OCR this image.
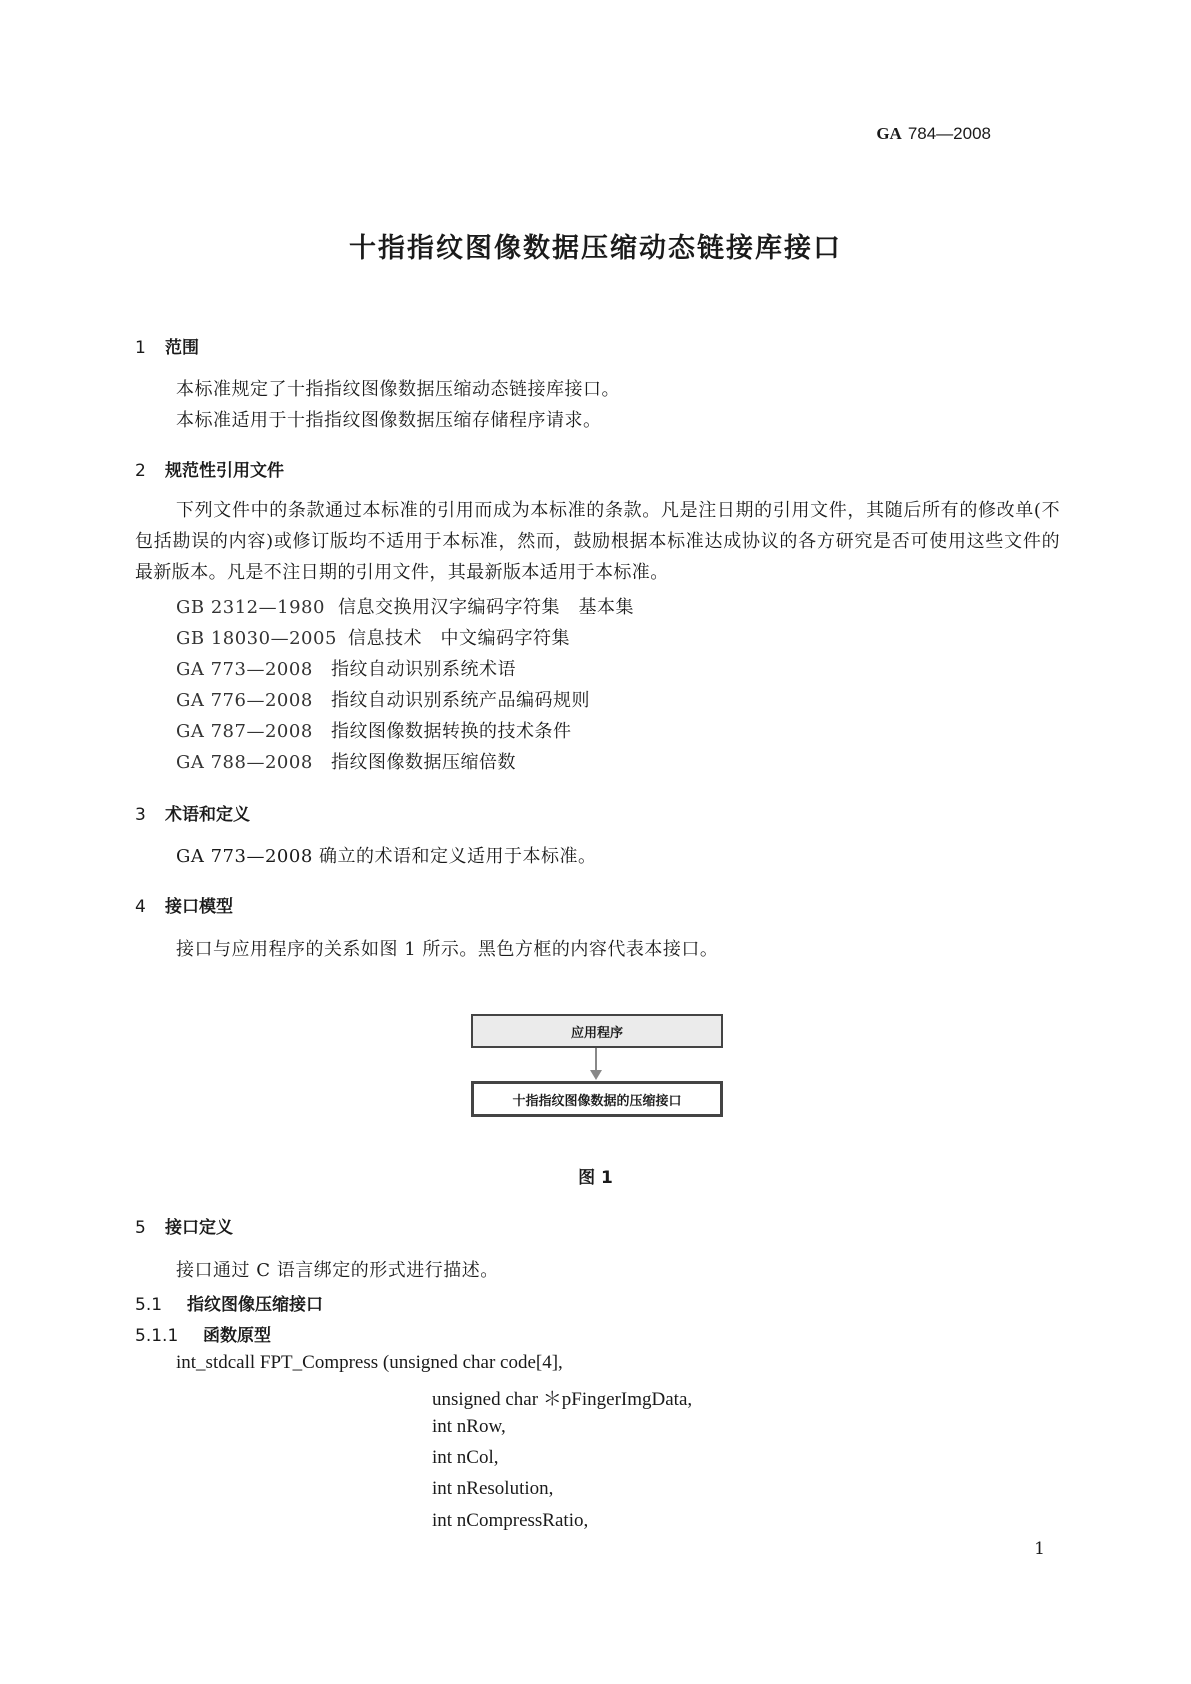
GA 784—2008
十指指纹图像数据压缩动态链接库接口
1 范围
本标准规定了十指指纹图像数据压缩动态链接库接口。
本标准适用于十指指纹图像数据压缩存储程序请求。
2 规范性引用文件
下列文件中的条款通过本标准的引用而成为本标准的条款。凡是注日期的引用文件，其随后所有的修改单(不包括勘误的内容)或修订版均不适用于本标准，然而，鼓励根据本标准达成协议的各方研究是否可使用这些文件的最新版本。凡是不注日期的引用文件，其最新版本适用于本标准。
GB 2312—1980 信息交换用汉字编码字符集　基本集
GB 18030—2005 信息技术　中文编码字符集
GA 773—2008 指纹自动识别系统术语
GA 776—2008 指纹自动识别系统产品编码规则
GA 787—2008 指纹图像数据转换的技术条件
GA 788—2008 指纹图像数据压缩倍数
3 术语和定义
GA 773—2008 确立的术语和定义适用于本标准。
4 接口模型
接口与应用程序的关系如图 1 所示。黑色方框的内容代表本接口。
应用程序
十指指纹图像数据的压缩接口
图 1
5 接口定义
接口通过 C 语言绑定的形式进行描述。
5.1 指纹图像压缩接口
5.1.1 函数原型
int_stdcall FPT_Compress (unsigned char code[4],
unsigned char ＊pFingerImgData,
int nRow,
int nCol,
int nResolution,
int nCompressRatio,
1
